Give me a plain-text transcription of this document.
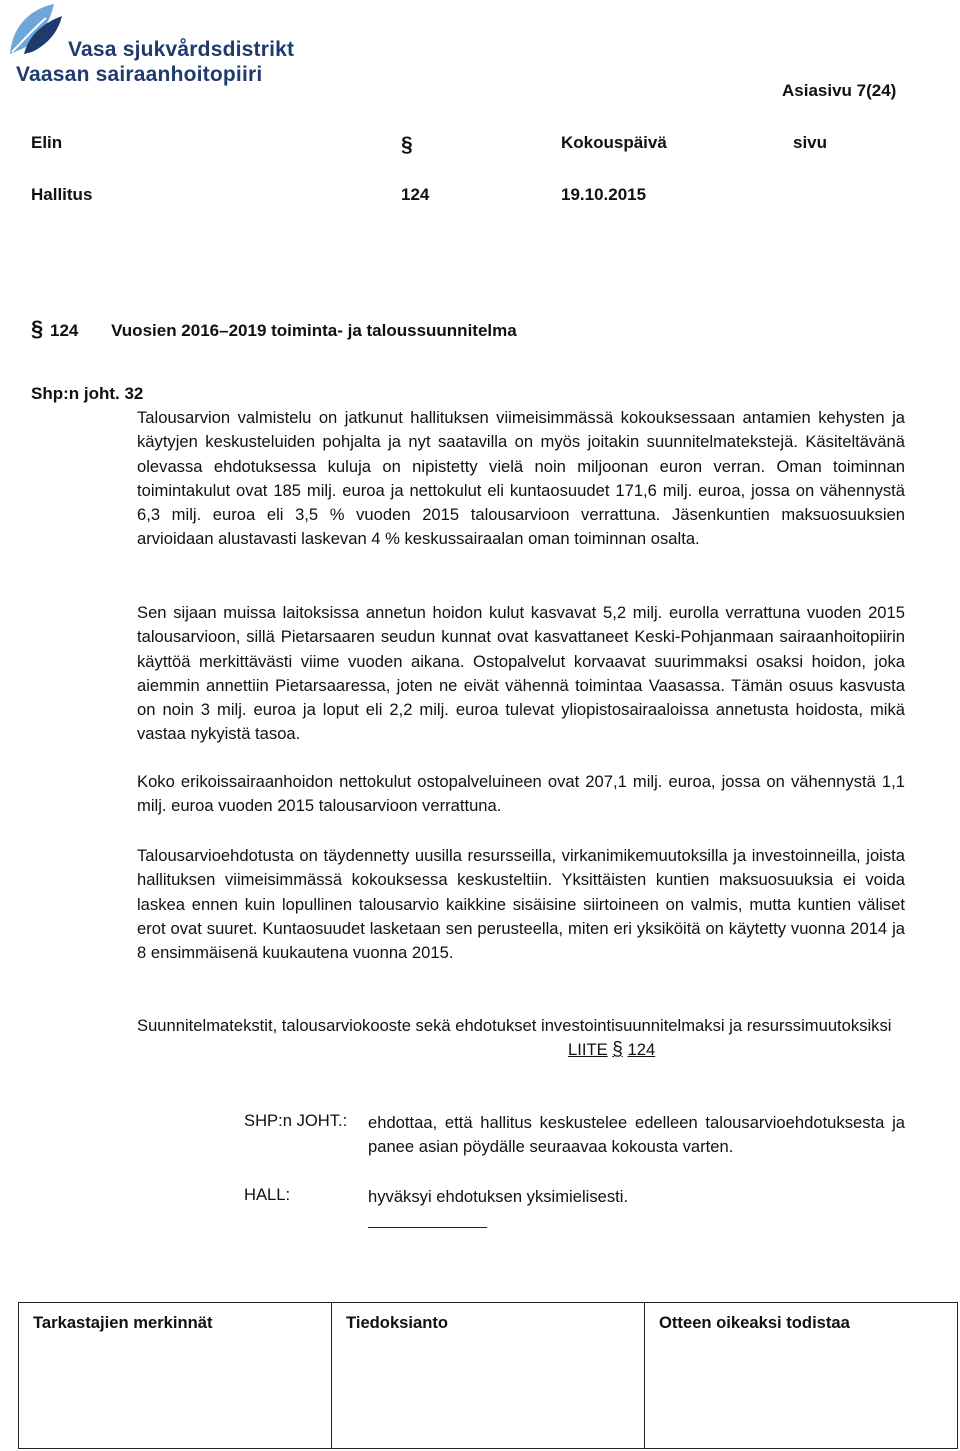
Vasa sjukvårdsdistrikt
Vaasan sairaanhoitopiiri
Asiasivu 7(24)
Elin	§	Kokouspäivä	sivu
Hallitus	124	19.10.2015
§ 124 Vuosien 2016–2019 toiminta- ja taloussuunnitelma
Shp:n joht. 32
Talousarvion valmistelu on jatkunut hallituksen viimeisimmässä kokouksessaan antamien kehysten ja käytyjen keskusteluiden pohjalta ja nyt saatavilla on myös joitakin suunnitelmatekstejä. Käsiteltävänä olevassa ehdotuksessa kuluja on nipistetty vielä noin miljoonan euron verran. Oman toiminnan toimintakulut ovat 185 milj. euroa ja nettokulut eli kuntaosuudet 171,6 milj. euroa, jossa on vähennystä 6,3 milj. euroa eli 3,5 % vuoden 2015 talousarvioon verrattuna. Jäsenkuntien maksuosuuksien arvioidaan alustavasti laskevan 4 % keskussairaalan oman toiminnan osalta.
Sen sijaan muissa laitoksissa annetun hoidon kulut kasvavat 5,2 milj. eurolla verrattuna vuoden 2015 talousarvioon, sillä Pietarsaaren seudun kunnat ovat kasvattaneet Keski-Pohjanmaan sairaanhoitopiirin käyttöä merkittävästi viime vuoden aikana. Ostopalvelut korvaavat suurimmaksi osaksi hoidon, joka aiemmin annettiin Pietarsaaressa, joten ne eivät vähennä toimintaa Vaasassa. Tämän osuus kasvusta on noin 3 milj. euroa ja loput eli 2,2 milj. euroa tulevat yliopistosairaaloissa annetusta hoidosta, mikä vastaa nykyistä tasoa.
Koko erikoissairaanhoidon nettokulut ostopalveluineen ovat 207,1 milj. euroa, jossa on vähennystä 1,1 milj. euroa vuoden 2015 talousarvioon verrattuna.
Talousarvioehdotusta on täydennetty uusilla resursseilla, virkanimikemuutoksilla ja investoinneilla, joista hallituksen viimeisimmässä kokouksessa keskusteltiin. Yksittäisten kuntien maksuosuuksia ei voida laskea ennen kuin lopullinen talousarvio kaikkine sisäisine siirtoineen on valmis, mutta kuntien väliset erot ovat suuret. Kuntaosuudet lasketaan sen perusteella, miten eri yksiköitä on käytetty vuonna 2014 ja 8 ensimmäisenä kuukautena vuonna 2015.
Suunnitelmatekstit, talousarviokooste sekä ehdotukset investointisuunnitelmaksi ja resurssimuutoksiksi
LIITE § 124
SHP:n JOHT.: ehdottaa, että hallitus keskustelee edelleen talousarvioehdotuksesta ja panee asian pöydälle seuraavaa kokousta varten.
HALL:	hyväksyi ehdotuksen yksimielisesti.
Tarkastajien merkinnät	Tiedoksianto	Otteen oikeaksi todistaa
